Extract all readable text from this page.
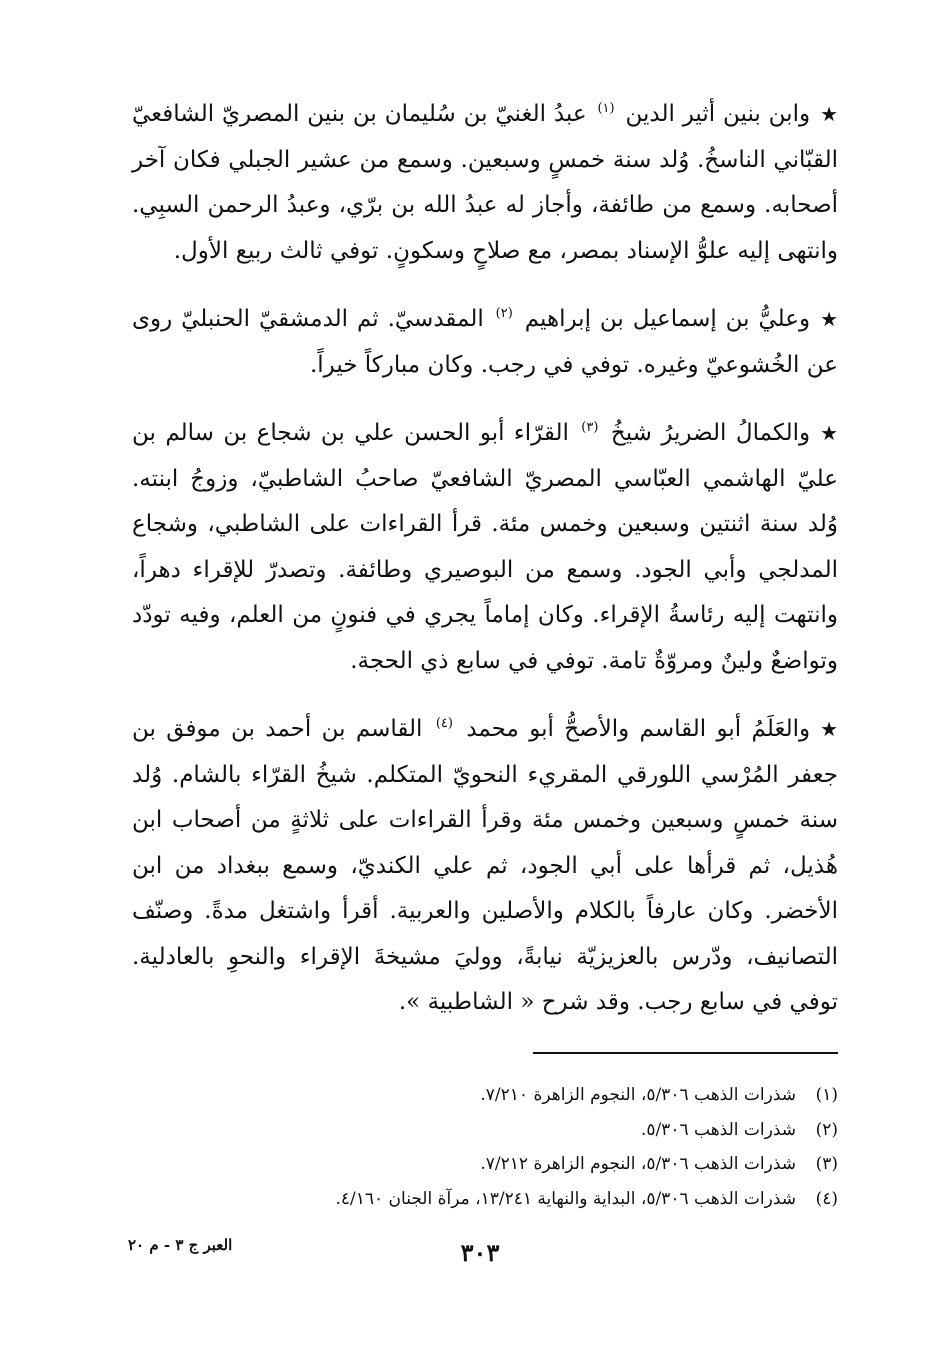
★وابن بنين أثير الدين $^{(١)}$ عبدُ الغنيّ بن سُليمان بن بنين المصريّ الشافعيّ القبّاني الناسخُ. وُلد سنة خمسٍ وسبعين. وسمع من عشير الجبلي فكان آخر أصحابه. وسمع من طائفة، وأجاز له عبدُ الله بن برّي، وعبدُ الرحمن السبِي. وانتهى إليه علوُّ الإسناد بمصر، مع صلاحٍ وسكونٍ. توفي ثالث ربيع الأول.

★وعليُّ بن إسماعيل بن إبراهيم $^{(٢)}$ المقدسيّ. ثم الدمشقيّ الحنبليّ روى عن الخُشوعيّ وغيره. توفي في رجب. وكان مباركاً خيراً.

★والكمالُ الضريرُ شيخُ $^{(٣)}$ القرّاء أبو الحسن علي بن شجاع بن سالم بن عليّ الهاشمي العبّاسي المصريّ الشافعيّ صاحبُ الشاطبيّ، وزوجُ ابنته. وُلد سنة اثنتين وسبعين وخمس مئة. قرأ القراءات على الشاطبي، وشجاع المدلجي وأبي الجود. وسمع من البوصيري وطائفة. وتصدرّ للإقراء دهراً، وانتهت إليه رئاسةُ الإقراء. وكان إماماً يجري في فنونٍ من العلم، وفيه تودّد وتواضعٌ ولينٌ ومروّةٌ تامة. توفي في سابع ذي الحجة.

★والعَلَمُ أبو القاسم والأصحُّ أبو محمد $^{(٤)}$ القاسم بن أحمد بن موفق بن جعفر المُرْسي اللورقي المقريء النحويّ المتكلم. شيخُ القرّاء بالشام. وُلد سنة خمسٍ وسبعين وخمس مئة وقرأ القراءات على ثلاثةٍ من أصحاب ابن هُذيل، ثم قرأها على أبي الجود، ثم علي الكنديّ، وسمع ببغداد من ابن الأخضر. وكان عارفاً بالكلام والأصلين والعربية. أقرأ واشتغل مدةً. وصنّف التصانيف، ودّرس بالعزيزيّة نيابةً، ووليَ مشيخةَ الإقراء والنحوِ بالعادلية. توفي في سابع رجب. وقد شرح « الشاطبية ».

(١)شذرات الذهب ٥/٣٠٦، النجوم الزاهرة ٧/٢١٠.
(٢)شذرات الذهب ٥/٣٠٦.
(٣)شذرات الذهب ٥/٣٠٦، النجوم الزاهرة ٧/٢١٢.
(٤)شذرات الذهب ٥/٣٠٦، البداية والنهاية ١٣/٢٤١، مرآة الجنان ٤/١٦٠.
٣٠٣
العبر ج ٣ - م ٢٠
